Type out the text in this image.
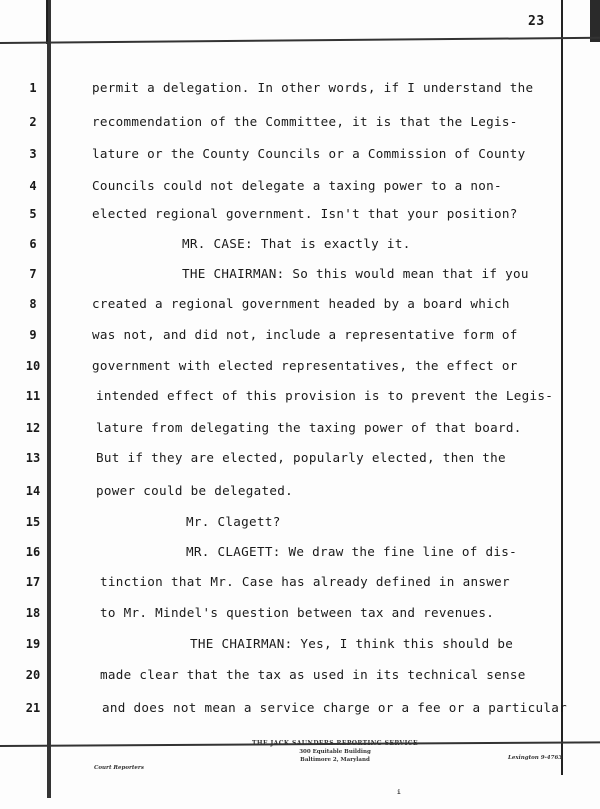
23
1	permit a delegation. In other words, if I understand the
2	recommendation of the Committee, it is that the Legis-
3	lature or the County Councils or a Commission of County
4	Councils could not delegate a taxing power to a non-
5	elected regional government. Isn't that your position?
6	MR. CASE: That is exactly it.
7	THE CHAIRMAN: So this would mean that if you
8	created a regional government headed by a board which
9	was not, and did not, include a representative form of
10	government with elected representatives, the effect or
11	intended effect of this provision is to prevent the Legis-
12	lature from delegating the taxing power of that board.
13	But if they are elected, popularly elected, then the
14	power could be delegated.
15	Mr. Clagett?
16	MR. CLAGETT: We draw the fine line of dis-
17	tinction that Mr. Case has already defined in answer
18	to Mr. Mindel's question between tax and revenues.
19	THE CHAIRMAN: Yes, I think this should be
20	made clear that the tax as used in its technical sense
21	and does not mean a service charge or a fee or a particular
THE JACK SAUNDERS REPORTING SERVICE
300 Equitable Building
Baltimore 2, Maryland
Court Reporters
Lexington 9-4763
i
